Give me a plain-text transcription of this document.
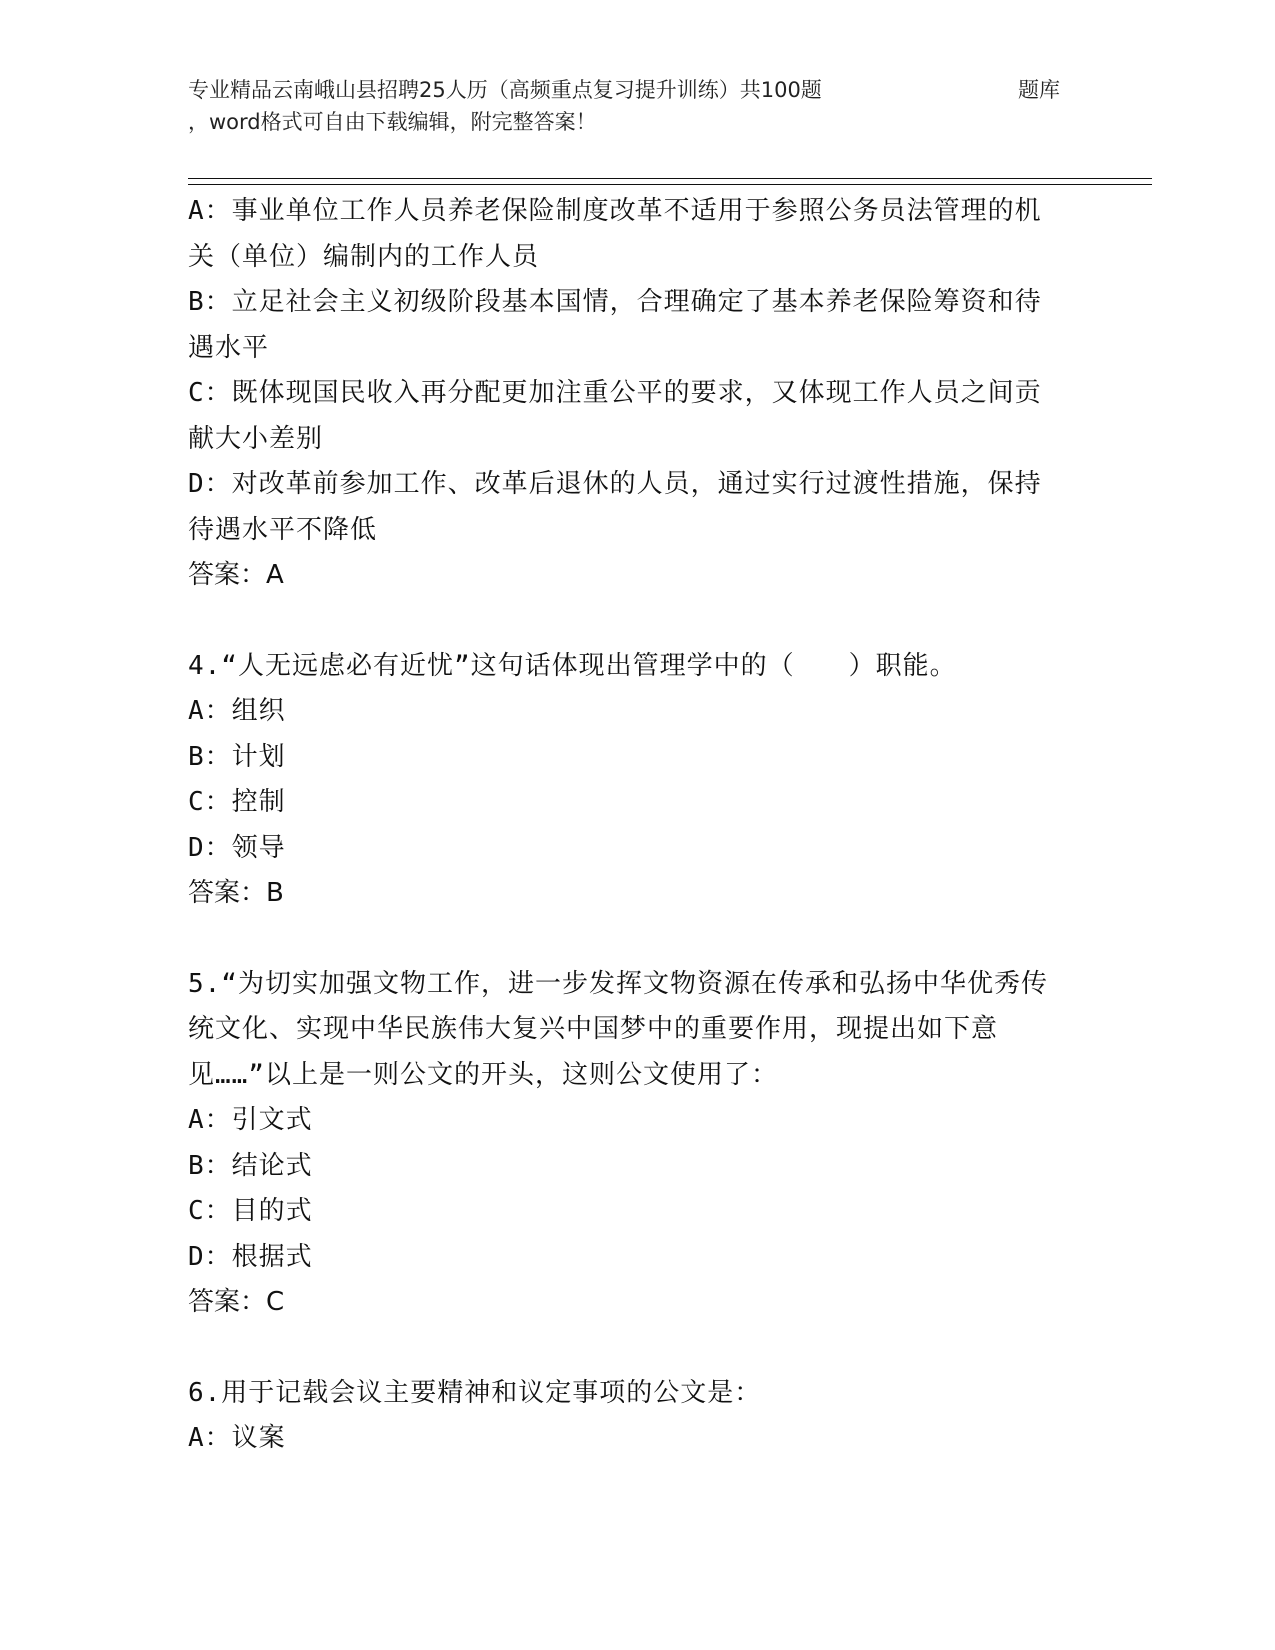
专业精品云南峨山县招聘25人历（高频重点复习提升训练）共100题	题库
，word格式可自由下载编辑，附完整答案！

A：事业单位工作人员养老保险制度改革不适用于参照公务员法管理的机关（单位）编制内的工作人员

B：立足社会主义初级阶段基本国情，合理确定了基本养老保险筹资和待遇水平

C：既体现国民收入再分配更加注重公平的要求，又体现工作人员之间贡献大小差别

D：对改革前参加工作、改革后退休的人员，通过实行过渡性措施，保持待遇水平不降低

答案：A

4.“人无远虑必有近忧”这句话体现出管理学中的（　　）职能。

A：组织

B：计划

C：控制

D：领导

答案：B

5.“为切实加强文物工作，进一步发挥文物资源在传承和弘扬中华优秀传统文化、实现中华民族伟大复兴中国梦中的重要作用，现提出如下意见……”以上是一则公文的开头，这则公文使用了：

A：引文式

B：结论式

C：目的式

D：根据式

答案：C

6.用于记载会议主要精神和议定事项的公文是：

A：议案
